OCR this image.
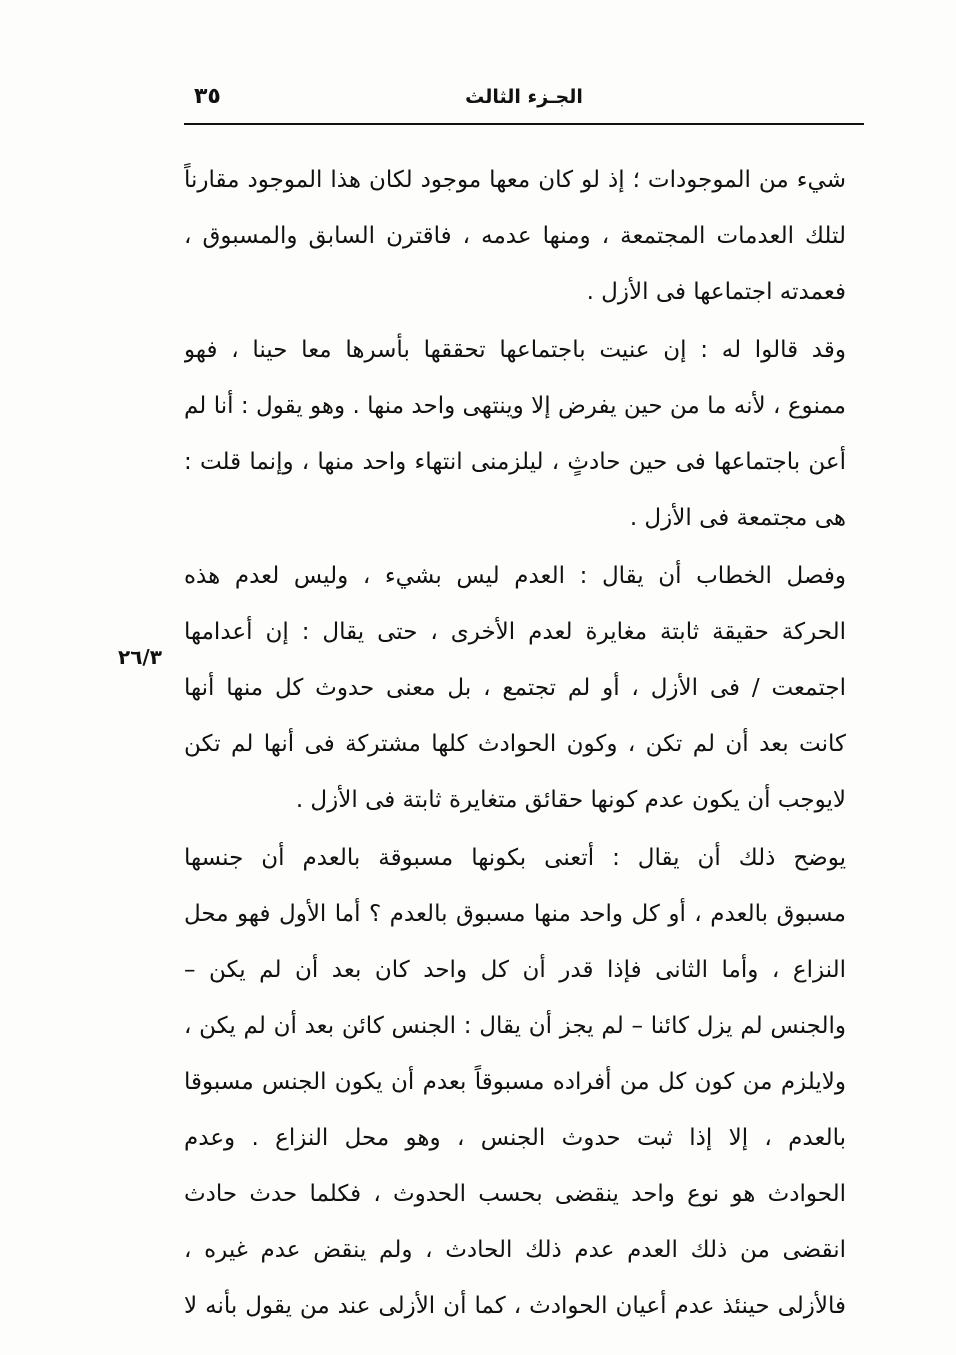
الجـزء الثالث
٣٥
٢٦/٣
شيء من الموجودات ؛ إذ لو كان معها موجود لكان هذا الموجود مقارناً
لتلك العدمات المجتمعة ، ومنها عدمه ، فاقترن السابق والمسبوق ،
فعمدته اجتماعها فى الأزل .
وقد قالوا له : إن عنيت باجتماعها تحققها بأسرها معا حينا ، فهو
ممنوع ، لأنه ما من حين يفرض إلا وينتهى واحد منها . وهو يقول : أنا لم
أعن باجتماعها فى حين حادثٍ ، ليلزمنى انتهاء واحد منها ، وإنما قلت :
هى مجتمعة فى الأزل .
وفصل الخطاب أن يقال : العدم ليس بشيء ، وليس لعدم هذه
الحركة حقيقة ثابتة مغايرة لعدم الأخرى ، حتى يقال : إن أعدامها
اجتمعت / فى الأزل ، أو لم تجتمع ، بل معنى حدوث كل منها أنها
كانت بعد أن لم تكن ، وكون الحوادث كلها مشتركة فى أنها لم تكن
لايوجب أن يكون عدم كونها حقائق متغايرة ثابتة فى الأزل .
يوضح ذلك أن يقال : أتعنى بكونها مسبوقة بالعدم أن جنسها
مسبوق بالعدم ، أو كل واحد منها مسبوق بالعدم ؟ أما الأول فهو محل
النزاع ، وأما الثانى فإذا قدر أن كل واحد كان بعد أن لم يكن –
والجنس لم يزل كائنا – لم يجز أن يقال : الجنس كائن بعد أن لم يكن ،
ولايلزم من كون كل من أفراده مسبوقاً بعدم أن يكون الجنس مسبوقا
بالعدم ، إلا إذا ثبت حدوث الجنس ، وهو محل النزاع . وعدم
الحوادث هو نوع واحد ينقضى بحسب الحدوث ، فكلما حدث حادث
انقضى من ذلك العدم عدم ذلك الحادث ، ولم ينقض عدم غيره ،
فالأزلى حينئذ عدم أعيان الحوادث ، كما أن الأزلى عند من يقول بأنه لا
